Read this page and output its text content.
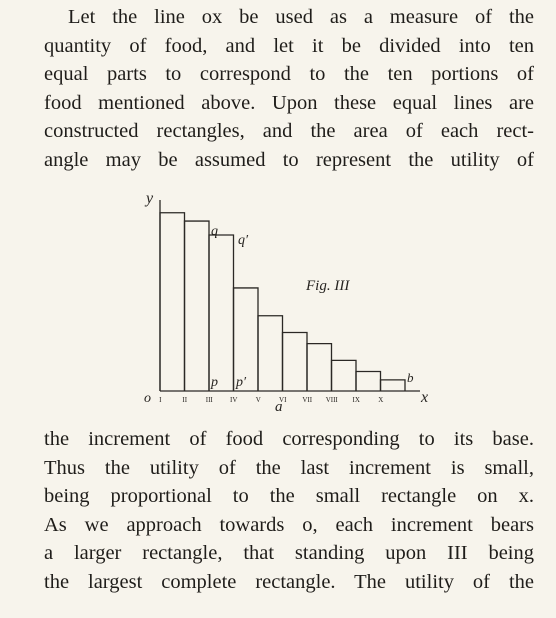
Let the line ox be used as a measure of the
quantity of food, and let it be divided into ten
equal parts to correspond to the ten portions of
food mentioned above. Upon these equal lines are
constructed rectangles, and the area of each rect-
angle may be assumed to represent the utility of
I	II	III IV	V	VI VII VIII IX	X
y
x
o
a
Fig. III
q
q′
p p′	b
the increment of food corresponding to its base.
Thus the utility of the last increment is small,
being proportional to the small rectangle on x.
As we approach towards o, each increment bears
a larger rectangle, that standing upon III being
the largest complete rectangle. The utility of the
